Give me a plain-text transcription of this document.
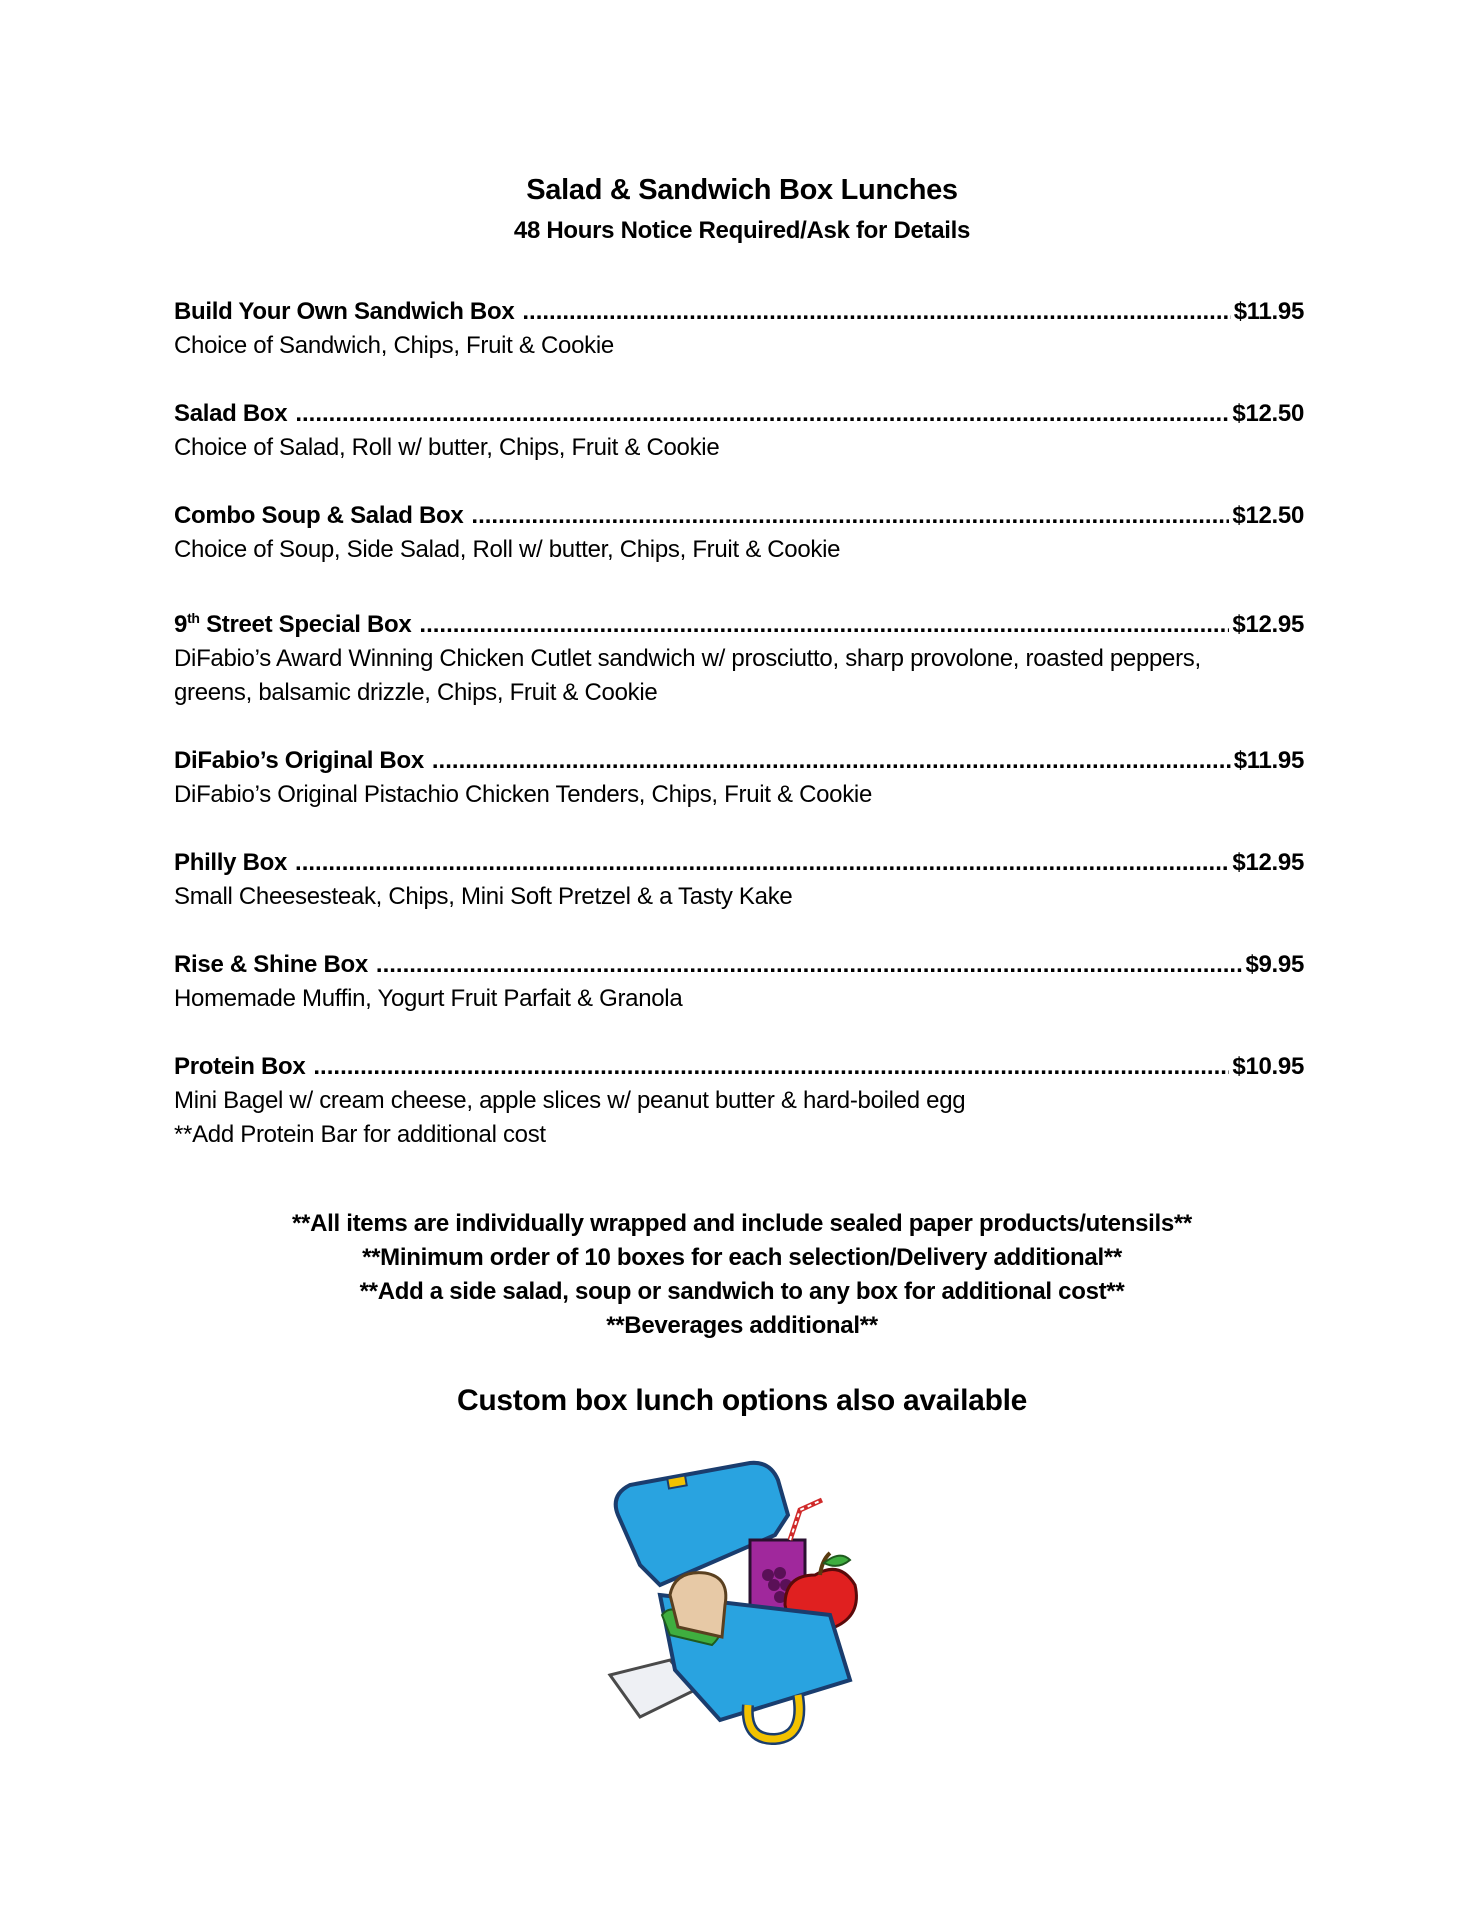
Salad & Sandwich Box Lunches
48 Hours Notice Required/Ask for Details
Build Your Own Sandwich Box .....	$11.95
Choice of Sandwich, Chips, Fruit & Cookie
Salad Box .....	$12.50
Choice of Salad, Roll w/ butter, Chips, Fruit & Cookie
Combo Soup & Salad Box .....	$12.50
Choice of Soup, Side Salad, Roll w/ butter, Chips, Fruit & Cookie
9th Street Special Box .....	$12.95
DiFabio’s Award Winning Chicken Cutlet sandwich w/ prosciutto, sharp provolone, roasted peppers,
greens, balsamic drizzle, Chips, Fruit & Cookie
DiFabio’s Original Box .....	$11.95
DiFabio’s Original Pistachio Chicken Tenders, Chips, Fruit & Cookie
Philly Box .....	$12.95
Small Cheesesteak, Chips, Mini Soft Pretzel & a Tasty Kake
Rise & Shine Box .....	$9.95
Homemade Muffin, Yogurt Fruit Parfait & Granola
Protein Box .....	$10.95
Mini Bagel w/ cream cheese, apple slices w/ peanut butter & hard-boiled egg
**Add Protein Bar for additional cost
**All items are individually wrapped and include sealed paper products/utensils**
**Minimum order of 10 boxes for each selection/Delivery additional**
**Add a side salad, soup or sandwich to any box for additional cost**
**Beverages additional**
Custom box lunch options also available
